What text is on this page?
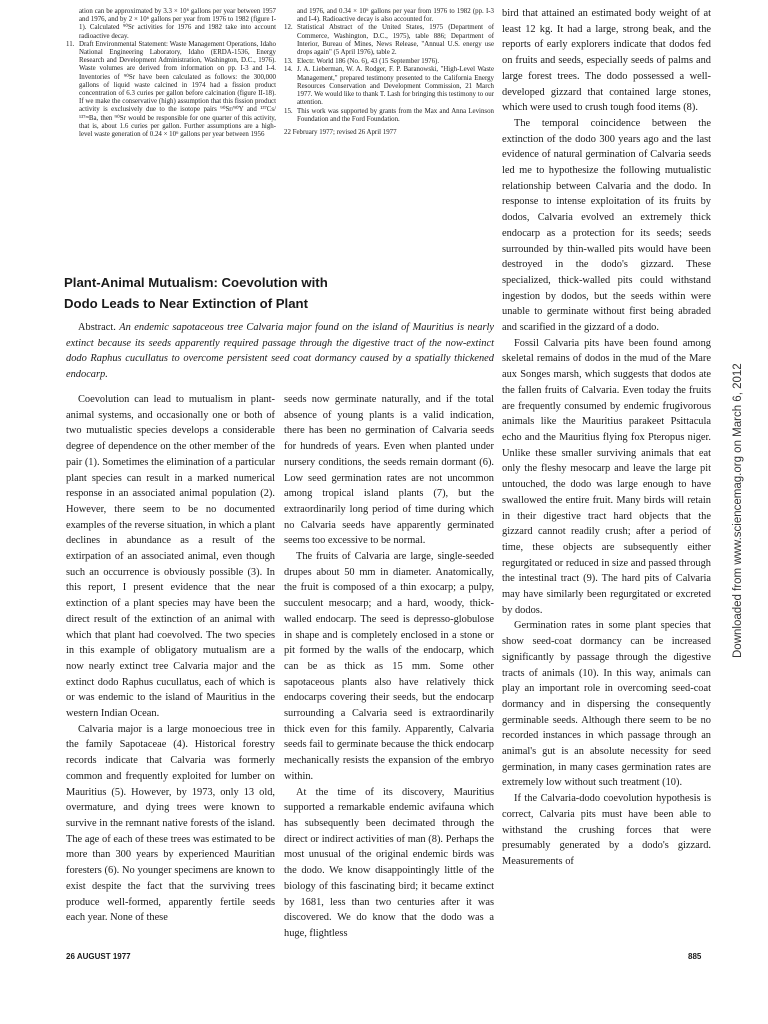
ation can be approximated by 3.3 × 10⁶ gallons per year between 1957 and 1976, and by 2 × 10⁶ gallons per year from 1976 to 1982 (figure I-1). Calculated ⁹⁰Sr activities for 1976 and 1982 take into account radioactive decay.

11. Draft Environmental Statement: Waste Management Operations, Idaho National Engineering Laboratory, Idaho (ERDA-1536, Energy Research and Development Administration, Washington, D.C., 1976). Waste volumes are derived from information on pp. I-3 and I-4. Inventories of ⁹⁰Sr have been calculated as follows: the 300,000 gallons of liquid waste calcined in 1974 had a fission product concentration of 6.3 curies per gallon before calcination (figure II-18). If we make the conservative (high) assumption that this fission product activity is exclusively due to the isotope pairs ⁹⁰Sr/⁹⁰Y and ¹³⁷Cs/¹³⁷ᵐBa, then ⁹⁰Sr would be responsible for one quarter of this activity, that is, about 1.6 curies per gallon. Further assumptions are a high-level waste generation of 0.24 × 10⁶ gallons per year between 1956

and 1976, and 0.34 × 10⁶ gallons per year from 1976 to 1982 (pp. I-3 and I-4). Radioactive decay is also accounted for.

12. Statistical Abstract of the United States, 1975 (Department of Commerce, Washington, D.C., 1975), table 886; Department of Interior, Bureau of Mines, News Release, "Annual U.S. energy use drops again" (5 April 1976), table 2.
13. Electr. World 186 (No. 6), 43 (15 September 1976).
14. J. A. Lieberman, W. A. Rodger, F. P. Baranowski, "High-Level Waste Management," prepared testimony presented to the California Energy Resources Conservation and Development Commission, 21 March 1977. We would like to thank T. Lash for bringing this testimony to our attention.
15. This work was supported by grants from the Max and Anna Levinson Foundation and the Ford Foundation.

22 February 1977; revised 26 April 1977

Plant-Animal Mutualism: Coevolution with
Dodo Leads to Near Extinction of Plant
Abstract. An endemic sapotaceous tree Calvaria major found on the island of Mauritius is nearly extinct because its seeds apparently required passage through the digestive tract of the now-extinct dodo Raphus cucullatus to overcome persistent seed coat dormancy caused by a spatially thickened endocarp.

Coevolution can lead to mutualism in plant-animal systems, and occasionally one or both of two mutualistic species develops a considerable degree of dependence on the other member of the pair (1). Sometimes the elimination of a particular plant species can result in a marked numerical response in an associated animal population (2). However, there seem to be no documented examples of the reverse situation, in which a plant declines in abundance as a result of the extirpation of an associated animal, even though such an occurrence is obviously possible (3). In this report, I present evidence that the near extinction of a plant species may have been the direct result of the extinction of an animal with which that plant had coevolved. The two species in this example of obligatory mutualism are a now nearly extinct tree Calvaria major and the extinct dodo Raphus cucullatus, each of which is or was endemic to the island of Mauritius in the western Indian Ocean.

Calvaria major is a large monoecious tree in the family Sapotaceae (4). Historical forestry records indicate that Calvaria was formerly common and frequently exploited for lumber on Mauritius (5). However, by 1973, only 13 old, overmature, and dying trees were known to survive in the remnant native forests of the island. The age of each of these trees was estimated to be more than 300 years by experienced Mauritian foresters (6). No younger specimens are known to exist despite the fact that the surviving trees produce well-formed, apparently fertile seeds each year. None of these

seeds now germinate naturally, and if the total absence of young plants is a valid indication, there has been no germination of Calvaria seeds for hundreds of years. Even when planted under nursery conditions, the seeds remain dormant (6). Low seed germination rates are not uncommon among tropical island plants (7), but the extraordinarily long period of time during which no Calvaria seeds have apparently germinated seems too excessive to be normal.

The fruits of Calvaria are large, single-seeded drupes about 50 mm in diameter. Anatomically, the fruit is composed of a thin exocarp; a pulpy, succulent mesocarp; and a hard, woody, thick-walled endocarp. The seed is depresso-globulose in shape and is completely enclosed in a stone or pit formed by the walls of the endocarp, which can be as thick as 15 mm. Some other sapotaceous plants also have relatively thick endocarps covering their seeds, but the endocarp surrounding a Calvaria seed is extraordinarily thick even for this family. Apparently, Calvaria seeds fail to germinate because the thick endocarp mechanically resists the expansion of the embryo within.

At the time of its discovery, Mauritius supported a remarkable endemic avifauna which has subsequently been decimated through the direct or indirect activities of man (8). Perhaps the most unusual of the original endemic birds was the dodo. We know disappointingly little of the biology of this fascinating bird; it became extinct by 1681, less than two centuries after it was discovered. We do know that the dodo was a huge, flightless

bird that attained an estimated body weight of at least 12 kg. It had a large, strong beak, and the reports of early explorers indicate that dodos fed on fruits and seeds, especially seeds of palms and large forest trees. The dodo possessed a well-developed gizzard that contained large stones, which were used to crush tough food items (8).

The temporal coincidence between the extinction of the dodo 300 years ago and the last evidence of natural germination of Calvaria seeds led me to hypothesize the following mutualistic relationship between Calvaria and the dodo. In response to intense exploitation of its fruits by dodos, Calvaria evolved an extremely thick endocarp as a protection for its seeds; seeds surrounded by thin-walled pits would have been destroyed in the dodo's gizzard. These specialized, thick-walled pits could withstand ingestion by dodos, but the seeds within were unable to germinate without first being abraded and scarified in the gizzard of a dodo.

Fossil Calvaria pits have been found among skeletal remains of dodos in the mud of the Mare aux Songes marsh, which suggests that dodos ate the fallen fruits of Calvaria. Even today the fruits are frequently consumed by endemic frugivorous animals like the Mauritius parakeet Psittacula echo and the Mauritius flying fox Pteropus niger. Unlike these smaller surviving animals that eat only the fleshy mesocarp and leave the large pit untouched, the dodo was large enough to have swallowed the entire fruit. Many birds will retain in their digestive tract hard objects that the gizzard cannot readily crush; after a period of time, these objects are subsequently either regurgitated or reduced in size and passed through the intestinal tract (9). The hard pits of Calvaria may have similarly been regurgitated or excreted by dodos.

Germination rates in some plant species that show seed-coat dormancy can be increased significantly by passage through the digestive tracts of animals (10). In this way, animals can play an important role in overcoming seed-coat dormancy and in dispersing the consequently germinable seeds. Although there seem to be no recorded instances in which passage through an animal's gut is an absolute necessity for seed germination, in many cases germination rates are extremely low without such treatment (10).

If the Calvaria-dodo coevolution hypothesis is correct, Calvaria pits must have been able to withstand the crushing forces that were presumably generated by a dodo's gizzard. Measurements of

26 AUGUST 1977	885
Downloaded from www.sciencemag.org on March 6, 2012
